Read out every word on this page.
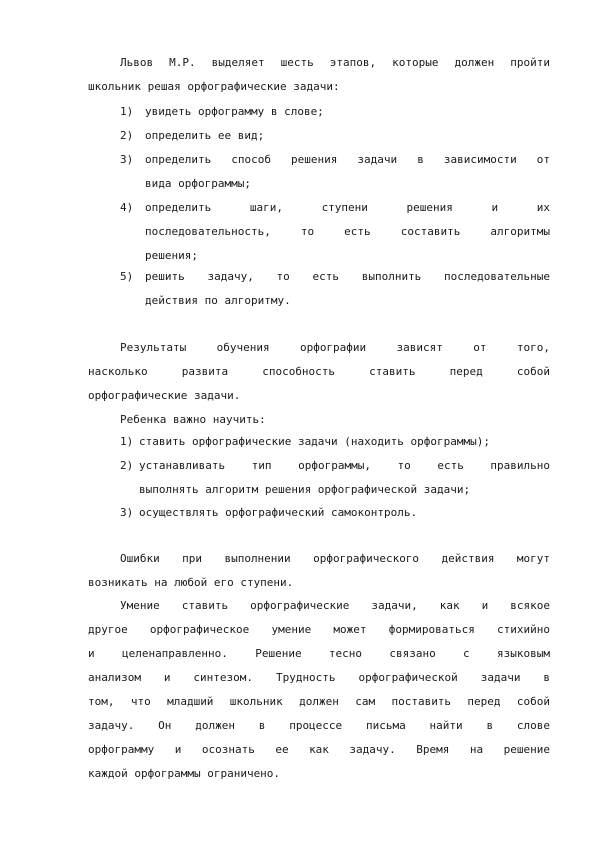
Львов М.Р. выделяет шесть этапов, которые должен пройти
школьник решая орфографические задачи:
1) увидеть орфограмму в слове;
2) определить ее вид;
3) определить способ решения задачи в зависимости от
вида орфограммы;
4) определить шаги, ступени решения и их
последовательность, то есть составить алгоритмы
решения;
5) решить задачу, то есть выполнить последовательные
действия по алгоритму.
Результаты обучения орфографии зависят от того,
насколько развита способность ставить перед собой
орфографические задачи.
Ребенка важно научить:
1) ставить орфографические задачи (находить орфограммы);
2) устанавливать тип орфограммы, то есть правильно
выполнять алгоритм решения орфографической задачи;
3) осуществлять орфографический самоконтроль.
Ошибки при выполнении орфографического действия могут
возникать на любой его ступени.
Умение ставить орфографические задачи, как и всякое
другое орфографическое умение может формироваться стихийно
и целенаправленно. Решение тесно связано с языковым
анализом и синтезом. Трудность орфографической задачи в
том, что младший школьник должен сам поставить перед собой
задачу. Он должен в процессе письма найти в слове
орфограмму и осознать ее как задачу. Время на решение
каждой орфограммы ограничено.
